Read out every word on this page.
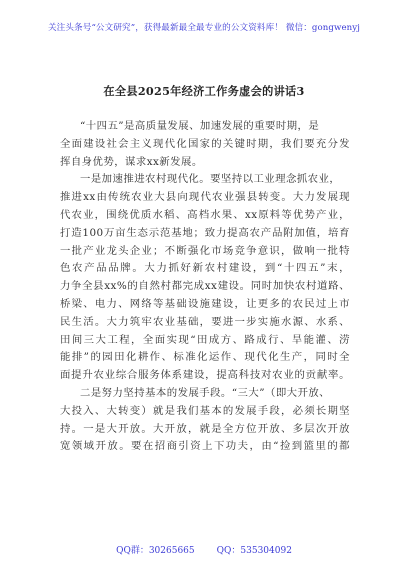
关注头条号“公文研究”，获得最新最全最专业的公文资料库！ 微信：gongwenyj
在全县2025年经济工作务虚会的讲话3
“十四五”是高质量发展、加速发展的重要时期，是
全面建设社会主义现代化国家的关键时期，我们要充分发
挥自身优势，谋求xx新发展。
一是加速推进农村现代化。要坚持以工业理念抓农业，
推进xx由传统农业大县向现代农业强县转变。大力发展现
代农业，围绕优质水稻、高档水果、xx原料等优势产业，
打造100万亩生态示范基地；致力提高农产品附加值，培育
一批产业龙头企业；不断强化市场竞争意识，做响一批特
色农产品品牌。大力抓好新农村建设，到“十四五”末，
力争全县xx%的自然村都完成xx建设。同时加快农村道路、
桥梁、电力、网络等基础设施建设，让更多的农民过上市
民生活。大力筑牢农业基础，要进一步实施水源、水系、
田间三大工程，全面实现“田成方、路成行、旱能灌、涝
能排”的园田化耕作、标准化运作、现代化生产，同时全
面提升农业综合服务体系建设，提高科技对农业的贡献率。
二是努力坚持基本的发展手段。“三大”（即大开放、
大投入、大转变）就是我们基本的发展手段，必须长期坚
持。一是大开放。大开放，就是全方位开放、多层次开放
宽领域开放。要在招商引资上下功夫，由“捡到篮里的都
QQ群：30265665 QQ：535304092
